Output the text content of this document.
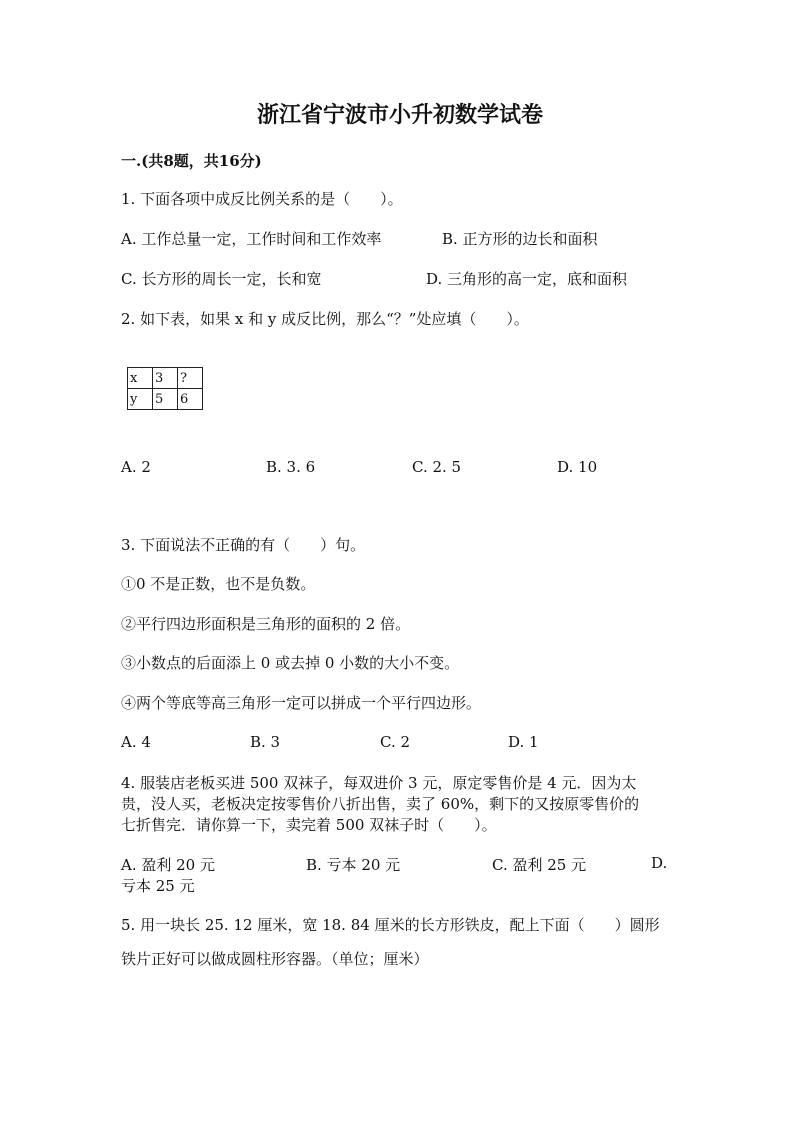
浙江省宁波市小升初数学试卷
一.(共8题，共16分)
1. 下面各项中成反比例关系的是（　　）。
A. 工作总量一定，工作时间和工作效率	B. 正方形的边长和面积
C. 长方形的周长一定，长和宽	D. 三角形的高一定，底和面积
2. 如下表，如果 x 和 y 成反比例，那么“？”处应填（　　）。
x	3	?
y	5	6
A. 2	B. 3. 6	C. 2. 5	D. 10
3. 下面说法不正确的有（　　）句。
①0 不是正数，也不是负数。
②平行四边形面积是三角形的面积的 2 倍。
③小数点的后面添上 0 或去掉 0 小数的大小不变。
④两个等底等高三角形一定可以拼成一个平行四边形。
A. 4	B. 3	C. 2	D. 1
4. 服装店老板买进 500 双袜子，每双进价 3 元，原定零售价是 4 元．因为太
贵，没人买，老板决定按零售价八折出售，卖了 60%，剩下的又按原零售价的
七折售完．请你算一下，卖完着 500 双袜子时（　　）。
A. 盈利 20 元	B. 亏本 20 元	C. 盈利 25 元	D.
亏本 25 元
5. 用一块长 25. 12 厘米，宽 18. 84 厘米的长方形铁皮，配上下面（　　）圆形
铁片正好可以做成圆柱形容器。（单位；厘米）
